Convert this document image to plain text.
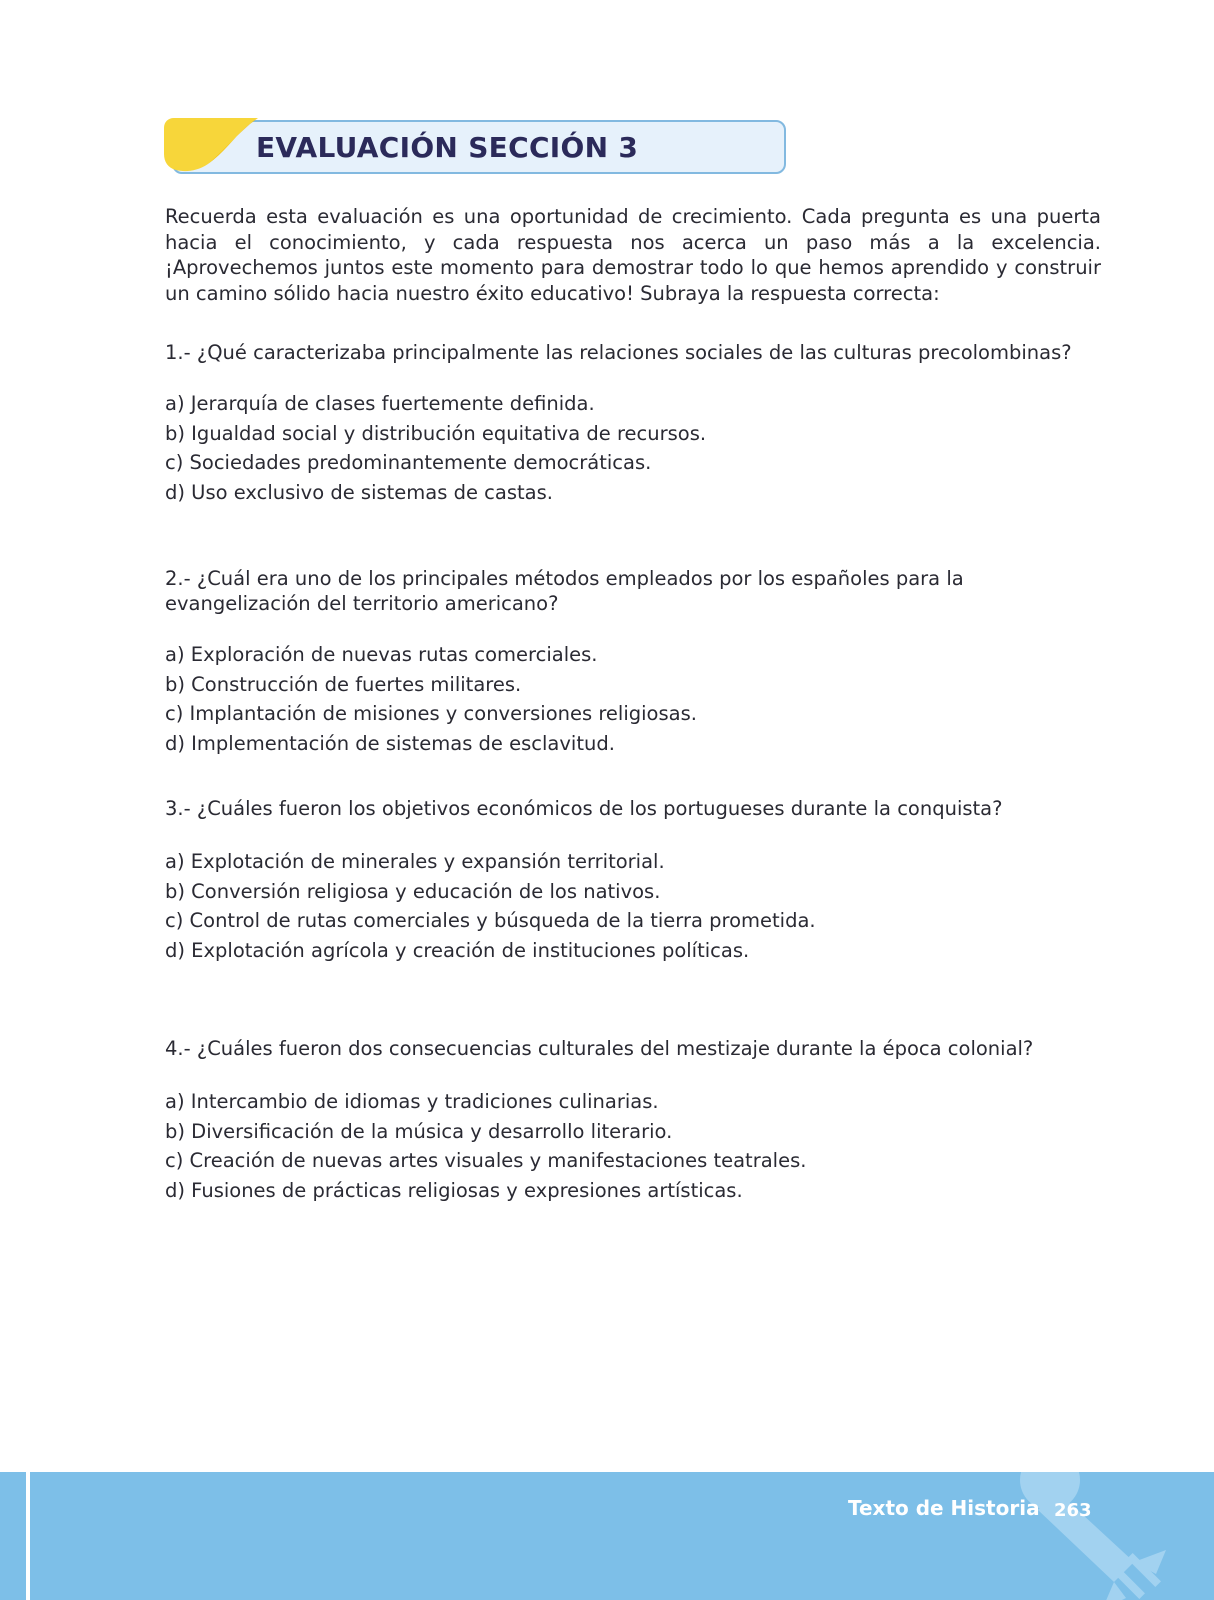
EVALUACIÓN SECCIÓN 3

Recuerda esta evaluación es una oportunidad de crecimiento. Cada pregunta es una puerta hacia el conocimiento, y cada respuesta nos acerca un paso más a la excelencia. ¡Aprovechemos juntos este momento para demostrar todo lo que hemos aprendido y construir un camino sólido hacia nuestro éxito educativo! Subraya la respuesta correcta:

1.- ¿Qué caracterizaba principalmente las relaciones sociales de las culturas precolombinas?

a) Jerarquía de clases fuertemente definida.
b) Igualdad social y distribución equitativa de recursos.
c) Sociedades predominantemente democráticas.
d) Uso exclusivo de sistemas de castas.

2.- ¿Cuál era uno de los principales métodos empleados por los españoles para la evangelización del territorio americano?

a) Exploración de nuevas rutas comerciales.
b) Construcción de fuertes militares.
c) Implantación de misiones y conversiones religiosas.
d) Implementación de sistemas de esclavitud.

3.- ¿Cuáles fueron los objetivos económicos de los portugueses durante la conquista?

a) Explotación de minerales y expansión territorial.
b) Conversión religiosa y educación de los nativos.
c) Control de rutas comerciales y búsqueda de la tierra prometida.
d) Explotación agrícola y creación de instituciones políticas.

4.- ¿Cuáles fueron dos consecuencias culturales del mestizaje durante la época colonial?

a) Intercambio de idiomas y tradiciones culinarias.
b) Diversificación de la música y desarrollo literario.
c) Creación de nuevas artes visuales y manifestaciones teatrales.
d) Fusiones de prácticas religiosas y expresiones artísticas.
Texto de Historia 263
